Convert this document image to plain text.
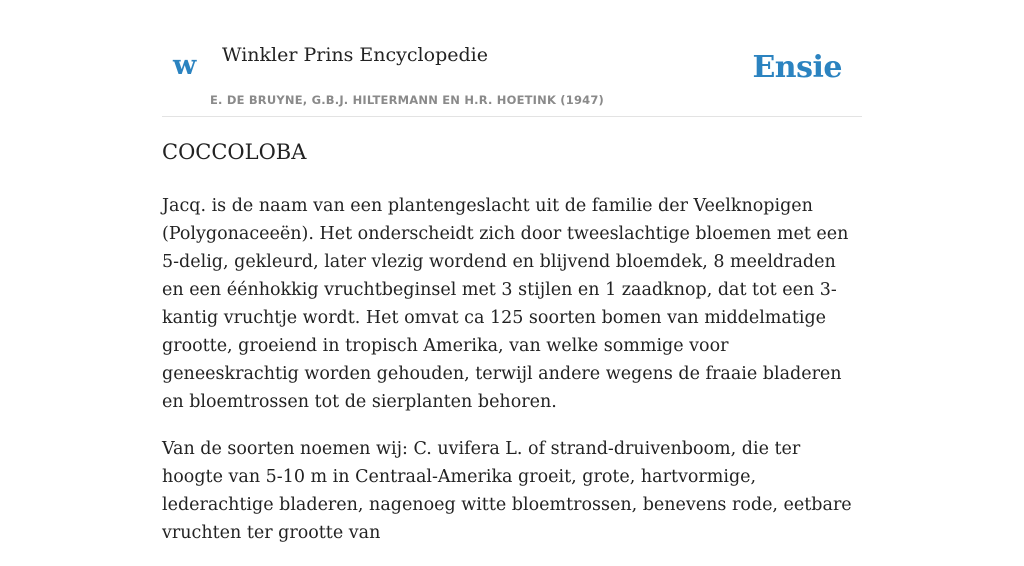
w Winkler Prins Encyclopedie
E. DE BRUYNE, G.B.J. HILTERMANN EN H.R. HOETINK (1947)
Ensie
COCCOLOBA

Jacq. is de naam van een plantengeslacht uit de familie der Veelknopigen (Polygonaceeën). Het onderscheidt zich door tweeslachtige bloemen met een 5-delig, gekleurd, later vlezig wordend en blijvend bloemdek, 8 meeldraden en een éénhokkig vruchtbeginsel met 3 stijlen en 1 zaadknop, dat tot een 3-kantig vruchtje wordt. Het omvat ca 125 soorten bomen van middelmatige grootte, groeiend in tropisch Amerika, van welke sommige voor geneeskrachtig worden gehouden, terwijl andere wegens de fraaie bladeren en bloemtrossen tot de sierplanten behoren.

Van de soorten noemen wij: C. uvifera L. of strand-druivenboom, die ter hoogte van 5-10 m in Centraal-Amerika groeit, grote, hartvormige, lederachtige bladeren, nagenoeg witte bloemtrossen, benevens rode, eetbare vruchten ter grootte van
